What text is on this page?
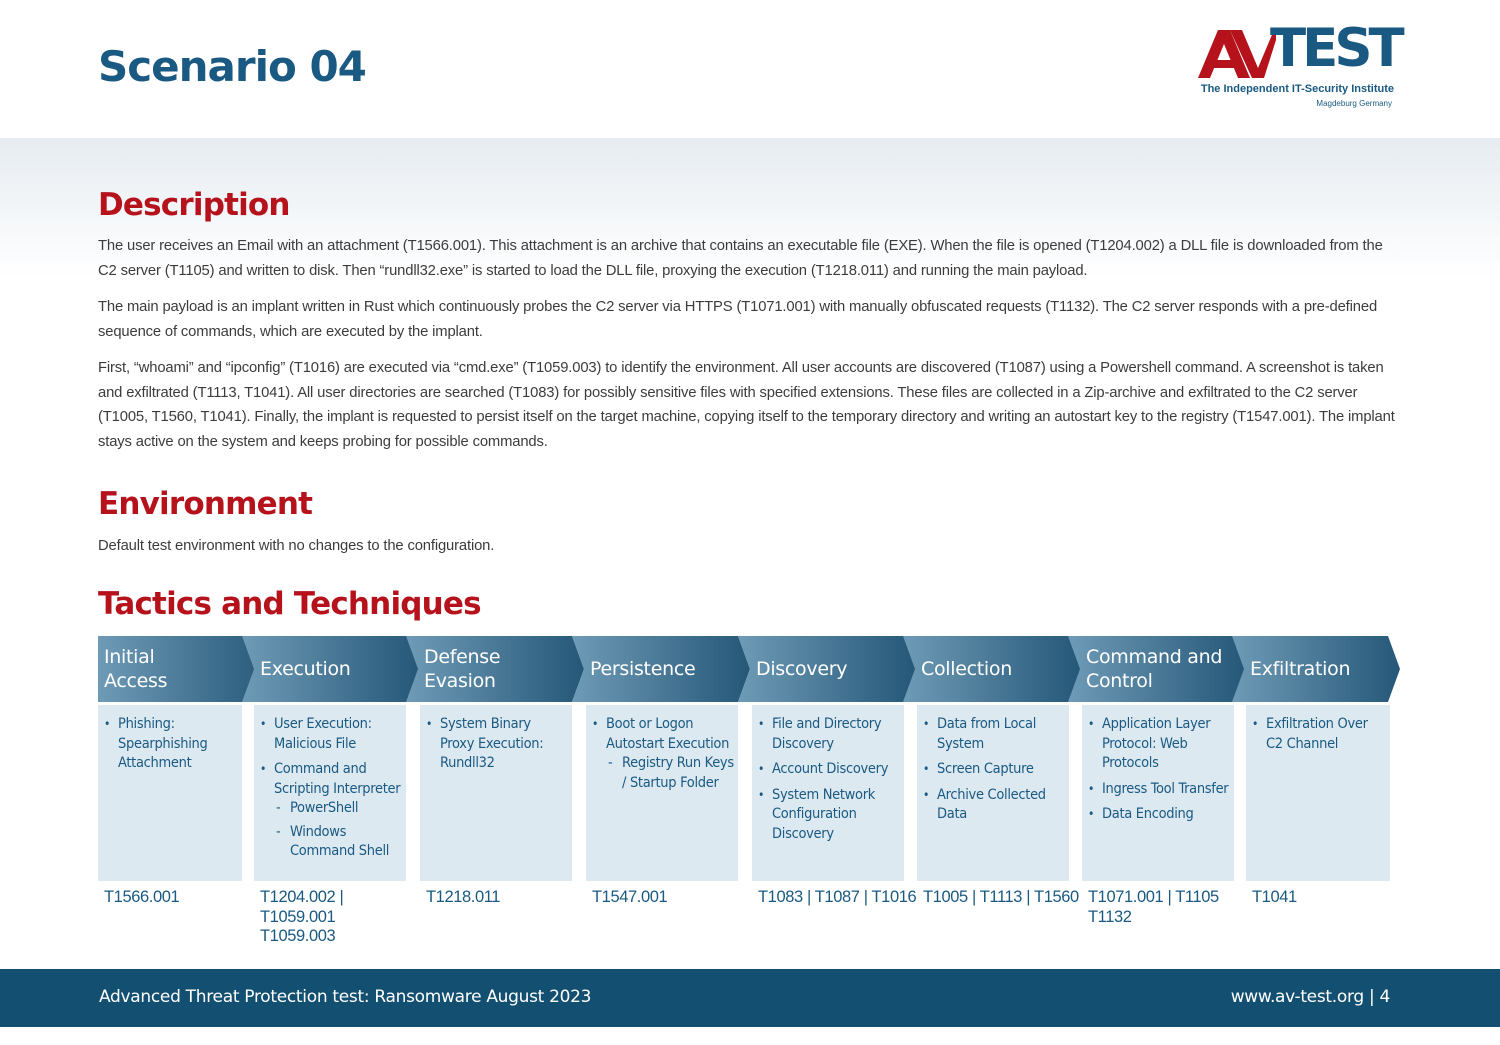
Scenario 04	TEST
The Independent IT-Security Institute
Magdeburg Germany
Description

The user receives an Email with an attachment (T1566.001). This attachment is an archive that contains an executable file (EXE). When the file is opened (T1204.002) a DLL file is downloaded from the C2 server (T1105) and written to disk. Then “rundll32.exe” is started to load the DLL file, proxying the execution (T1218.011) and running the main payload.

The main payload is an implant written in Rust which continuously probes the C2 server via HTTPS (T1071.001) with manually obfuscated requests (T1132). The C2 server responds with a pre-defined sequence of commands, which are executed by the implant.

First, “whoami” and “ipconfig” (T1016) are executed via “cmd.exe” (T1059.003) to identify the environment. All user accounts are discovered (T1087) using a Powershell command. A screenshot is taken and exfiltrated (T1113, T1041). All user directories are searched (T1083) for possibly sensitive files with specified extensions. These files are collected in a Zip-archive and exfiltrated to the C2 server (T1005, T1560, T1041). Finally, the implant is requested to persist itself on the target machine, copying itself to the temporary directory and writing an autostart key to the registry (T1547.001). The implant stays active on the system and keeps probing for possible commands.

Environment

Default test environment with no changes to the configuration.

Tactics and Techniques
Initial
Access
• Phishing: Spearphishing Attachment
T1566.001
Execution
• User Execution: Malicious File
• Command and Scripting Interpreter
- PowerShell
- Windows Command Shell
T1204.002 | T1059.001
T1059.003
Defense
Evasion
• System Binary Proxy Execution: Rundll32
T1218.011
Persistence
• Boot or Logon Autostart Execution
- Registry Run Keys / Startup Folder
T1547.001
Discovery
• File and Directory Discovery
• Account Discovery
• System Network Configuration Discovery
T1083 | T1087 | T1016
Collection
• Data from Local System
• Screen Capture
• Archive Collected Data
T1005 | T1113 | T1560
Command and
Control
• Application Layer Protocol: Web Protocols
• Ingress Tool Transfer
• Data Encoding
T1071.001 | T1105
T1132
Exfiltration
• Exfiltration Over C2 Channel
T1041
Advanced Threat Protection test: Ransomware August 2023	www.av-test.org | 4
